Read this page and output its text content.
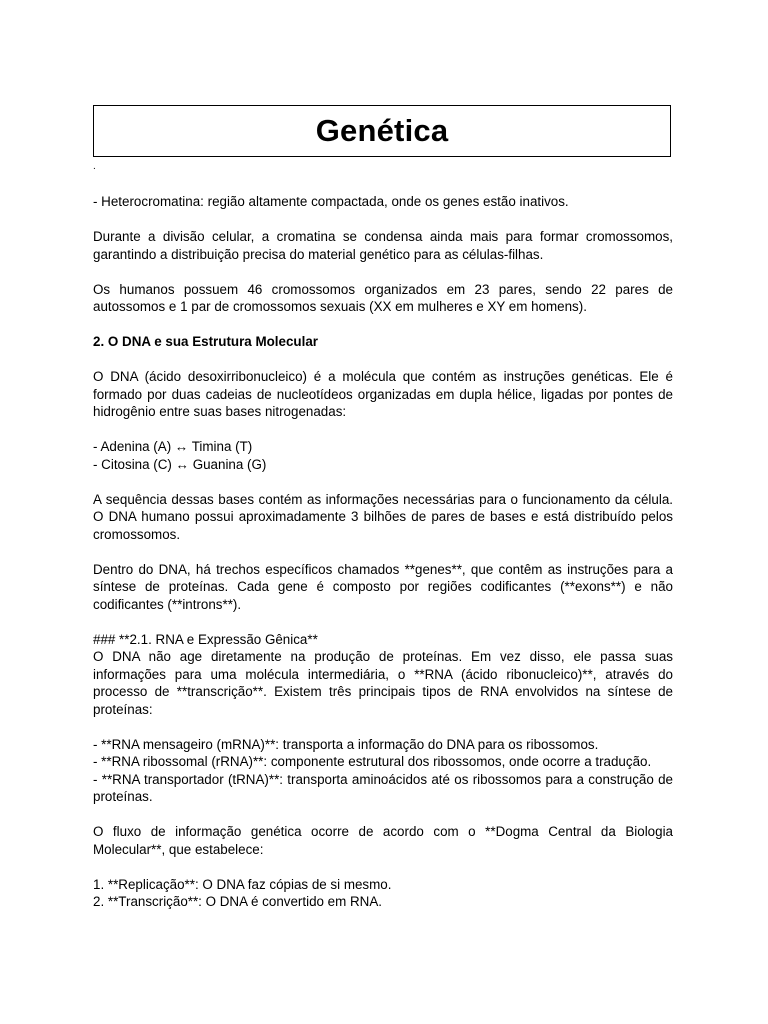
Genética
.

- Heterocromatina: região altamente compactada, onde os genes estão inativos.

Durante a divisão celular, a cromatina se condensa ainda mais para formar cromossomos, garantindo a distribuição precisa do material genético para as células-filhas.

Os humanos possuem 46 cromossomos organizados em 23 pares, sendo 22 pares de autossomos e 1 par de cromossomos sexuais (XX em mulheres e XY em homens).

2. O DNA e sua Estrutura Molecular

O DNA (ácido desoxirribonucleico) é a molécula que contém as instruções genéticas. Ele é formado por duas cadeias de nucleotídeos organizadas em dupla hélice, ligadas por pontes de hidrogênio entre suas bases nitrogenadas:

- Adenina (A) ↔ Timina (T)

- Citosina (C) ↔ Guanina (G)

A sequência dessas bases contém as informações necessárias para o funcionamento da célula. O DNA humano possui aproximadamente 3 bilhões de pares de bases e está distribuído pelos cromossomos.

Dentro do DNA, há trechos específicos chamados **genes**, que contêm as instruções para a síntese de proteínas. Cada gene é composto por regiões codificantes (**exons**) e não codificantes (**introns**).

### **2.1. RNA e Expressão Gênica**

O DNA não age diretamente na produção de proteínas. Em vez disso, ele passa suas informações para uma molécula intermediária, o **RNA (ácido ribonucleico)**, através do processo de **transcrição**. Existem três principais tipos de RNA envolvidos na síntese de proteínas:

- **RNA mensageiro (mRNA)**: transporta a informação do DNA para os ribossomos.

- **RNA ribossomal (rRNA)**: componente estrutural dos ribossomos, onde ocorre a tradução.

- **RNA transportador (tRNA)**: transporta aminoácidos até os ribossomos para a construção de proteínas.

O fluxo de informação genética ocorre de acordo com o **Dogma Central da Biologia Molecular**, que estabelece:

1. **Replicação**: O DNA faz cópias de si mesmo.

2. **Transcrição**: O DNA é convertido em RNA.
